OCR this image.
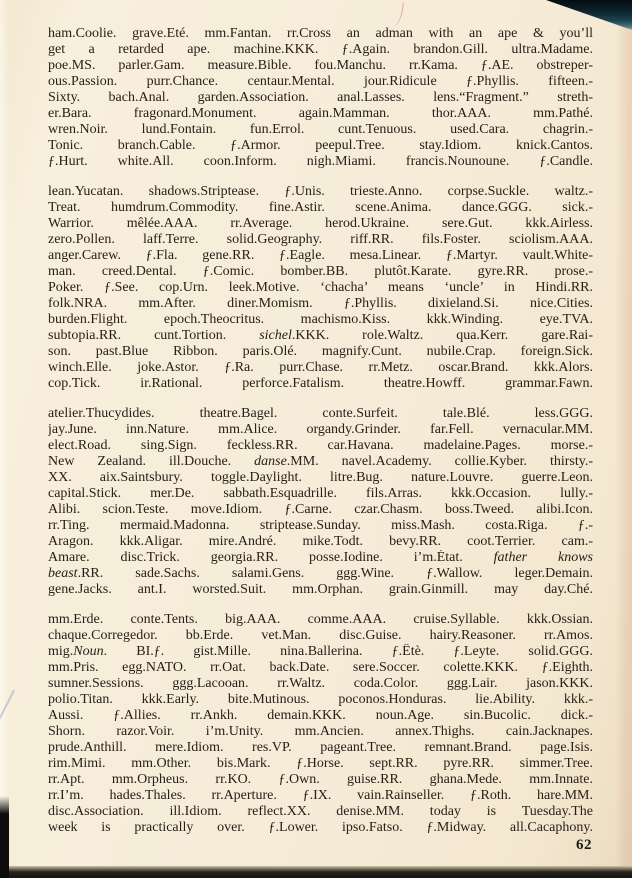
ham.Coolie. grave.Eté. mm.Fantan. rr.Cross an adman with an ape & you’ll
get a retarded ape. machine.KKK. ƒ.Again. brandon.Gill. ultra.Madame.
poe.MS. parler.Gam. measure.Bible. fou.Manchu. rr.Kama. ƒ.AE. obstreper-
ous.Passion. purr.Chance. centaur.Mental. jour.Ridicule ƒ.Phyllis. fifteen.-
Sixty. bach.Anal. garden.Association. anal.Lasses. lens.“Fragment.” streth-
er.Bara. fragonard.Monument. again.Mamman. thor.AAA. mm.Pathé.
wren.Noir. lund.Fontain. fun.Errol. cunt.Tenuous. used.Cara. chagrin.-
Tonic. branch.Cable. ƒ.Armor. peepul.Tree. stay.Idiom. knick.Cantos.
ƒ.Hurt. white.All. coon.Inform. nigh.Miami. francis.Nounoune. ƒ.Candle.
lean.Yucatan. shadows.Striptease. ƒ.Unis. trieste.Anno. corpse.Suckle. waltz.-
Treat. humdrum.Commodity. fine.Astir. scene.Anima. dance.GGG. sick.-
Warrior. mêlée.AAA. rr.Average. herod.Ukraine. sere.Gut. kkk.Airless.
zero.Pollen. laff.Terre. solid.Geography. riff.RR. fils.Foster. sciolism.AAA.
anger.Carew. ƒ.Fla. gene.RR. ƒ.Eagle. mesa.Linear. ƒ.Martyr. vault.White-
man. creed.Dental. ƒ.Comic. bomber.BB. plutôt.Karate. gyre.RR. prose.-
Poker. ƒ.See. cop.Urn. leek.Motive. ‘chacha’ means ‘uncle’ in Hindi.RR.
folk.NRA. mm.After. diner.Momism. ƒ.Phyllis. dixieland.Si. nice.Cities.
burden.Flight. epoch.Theocritus. machismo.Kiss. kkk.Winding. eye.TVA.
subtopia.RR. cunt.Tortion. sichel.KKK. role.Waltz. qua.Kerr. gare.Rai-
son. past.Blue Ribbon. paris.Olé. magnify.Cunt. nubile.Crap. foreign.Sick.
winch.Elle. joke.Astor. ƒ.Ra. purr.Chase. rr.Metz. oscar.Brand. kkk.Alors.
cop.Tick. ir.Rational. perforce.Fatalism. theatre.Howff. grammar.Fawn.
atelier.Thucydides. theatre.Bagel. conte.Surfeit. tale.Blé. less.GGG.
jay.June. inn.Nature. mm.Alice. organdy.Grinder. far.Fell. vernacular.MM.
elect.Road. sing.Sign. feckless.RR. car.Havana. madelaine.Pages. morse.-
New Zealand. ill.Douche. danse.MM. navel.Academy. collie.Kyber. thirsty.-
XX. aix.Saintsbury. toggle.Daylight. litre.Bug. nature.Louvre. guerre.Leon.
capital.Stick. mer.De. sabbath.Esquadrille. fils.Arras. kkk.Occasion. lully.-
Alibi. scion.Teste. move.Idiom. ƒ.Carne. czar.Chasm. boss.Tweed. alibi.Icon.
rr.Ting. mermaid.Madonna. striptease.Sunday. miss.Mash. costa.Riga. ƒ.-
Aragon. kkk.Aligar. mire.André. mike.Todt. bevy.RR. coot.Terrier. cam.-
Amare. disc.Trick. georgia.RR. posse.Iodine. i’m.État. father knows
beast.RR. sade.Sachs. salami.Gens. ggg.Wine. ƒ.Wallow. leger.Demain.
gene.Jacks. ant.I. worsted.Suit. mm.Orphan. grain.Ginmill. may day.Ché.
mm.Erde. conte.Tents. big.AAA. comme.AAA. cruise.Syllable. kkk.Ossian.
chaque.Corregedor. bb.Erde. vet.Man. disc.Guise. hairy.Reasoner. rr.Amos.
mig.Noun. BI.ƒ. gist.Mille. nina.Ballerina. ƒ.Êtè. ƒ.Leyte. solid.GGG.
mm.Pris. egg.NATO. rr.Oat. back.Date. sere.Soccer. colette.KKK. ƒ.Eighth.
sumner.Sessions. ggg.Lacooan. rr.Waltz. coda.Color. ggg.Lair. jason.KKK.
polio.Titan. kkk.Early. bite.Mutinous. poconos.Honduras. lie.Ability. kkk.-
Aussi. ƒ.Allies. rr.Ankh. demain.KKK. noun.Age. sin.Bucolic. dick.-
Shorn. razor.Voir. i’m.Unity. mm.Ancien. annex.Thighs. cain.Jacknapes.
prude.Anthill. mere.Idiom. res.VP. pageant.Tree. remnant.Brand. page.Isis.
rim.Mimi. mm.Other. bis.Mark. ƒ.Horse. sept.RR. pyre.RR. simmer.Tree.
rr.Apt. mm.Orpheus. rr.KO. ƒ.Own. guise.RR. ghana.Mede. mm.Innate.
rr.I’m. hades.Thales. rr.Aperture. ƒ.IX. vain.Rainseller. ƒ.Roth. hare.MM.
disc.Association. ill.Idiom. reflect.XX. denise.MM. today is Tuesday.The
week is practically over. ƒ.Lower. ipso.Fatso. ƒ.Midway. all.Cacaphony.
62
